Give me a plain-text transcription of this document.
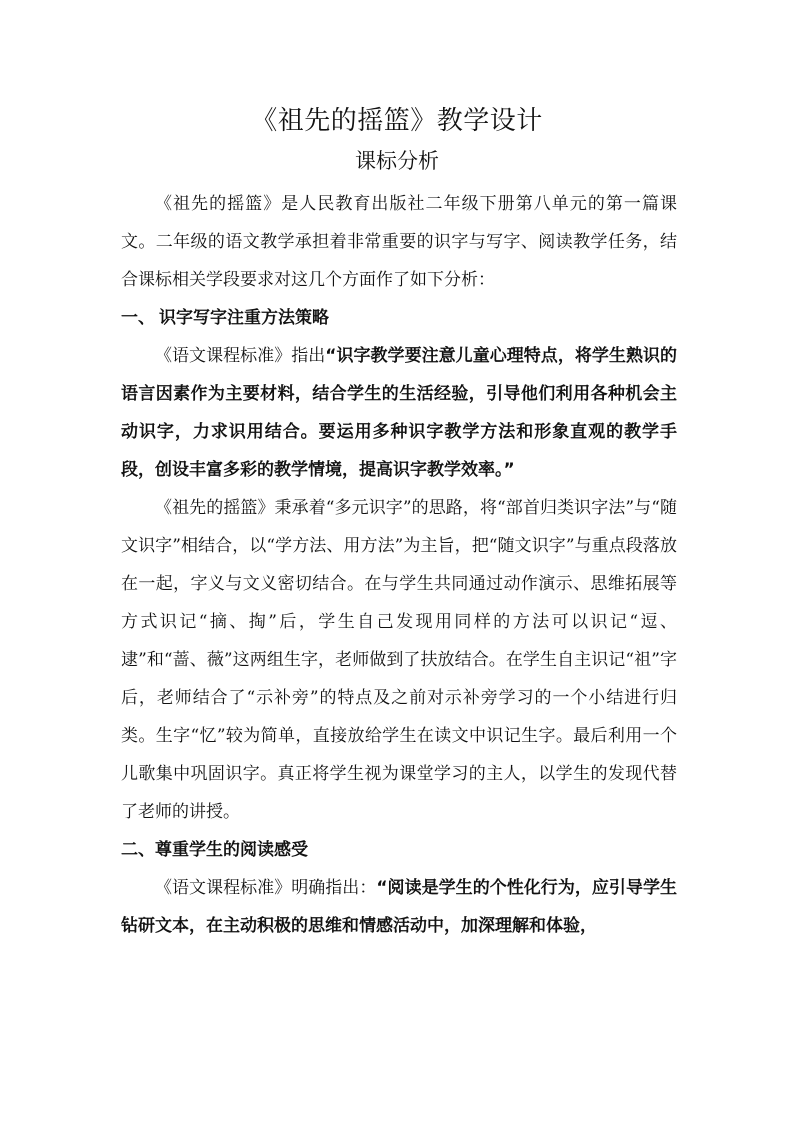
《祖先的摇篮》教学设计
课标分析

《祖先的摇篮》是人民教育出版社二年级下册第八单元的第一篇课文。二年级的语文教学承担着非常重要的识字与写字、阅读教学任务，结合课标相关学段要求对这几个方面作了如下分析：

一、 识字写字注重方法策略

《语文课程标准》指出“识字教学要注意儿童心理特点，将学生熟识的语言因素作为主要材料，结合学生的生活经验，引导他们利用各种机会主动识字，力求识用结合。要运用多种识字教学方法和形象直观的教学手段，创设丰富多彩的教学情境，提高识字教学效率。”

《祖先的摇篮》秉承着“多元识字”的思路，将“部首归类识字法”与“随文识字”相结合，以“学方法、用方法”为主旨，把“随文识字”与重点段落放在一起，字义与文义密切结合。在与学生共同通过动作演示、思维拓展等方式识记“摘、掏”后，学生自己发现用同样的方法可以识记“逗、逮”和“蔷、薇”这两组生字，老师做到了扶放结合。在学生自主识记“祖”字后，老师结合了“示补旁”的特点及之前对示补旁学习的一个小结进行归类。生字“忆”较为简单，直接放给学生在读文中识记生字。最后利用一个儿歌集中巩固识字。真正将学生视为课堂学习的主人，以学生的发现代替了老师的讲授。

二、尊重学生的阅读感受

《语文课程标准》明确指出：“阅读是学生的个性化行为，应引导学生钻研文本，在主动积极的思维和情感活动中，加深理解和体验，
